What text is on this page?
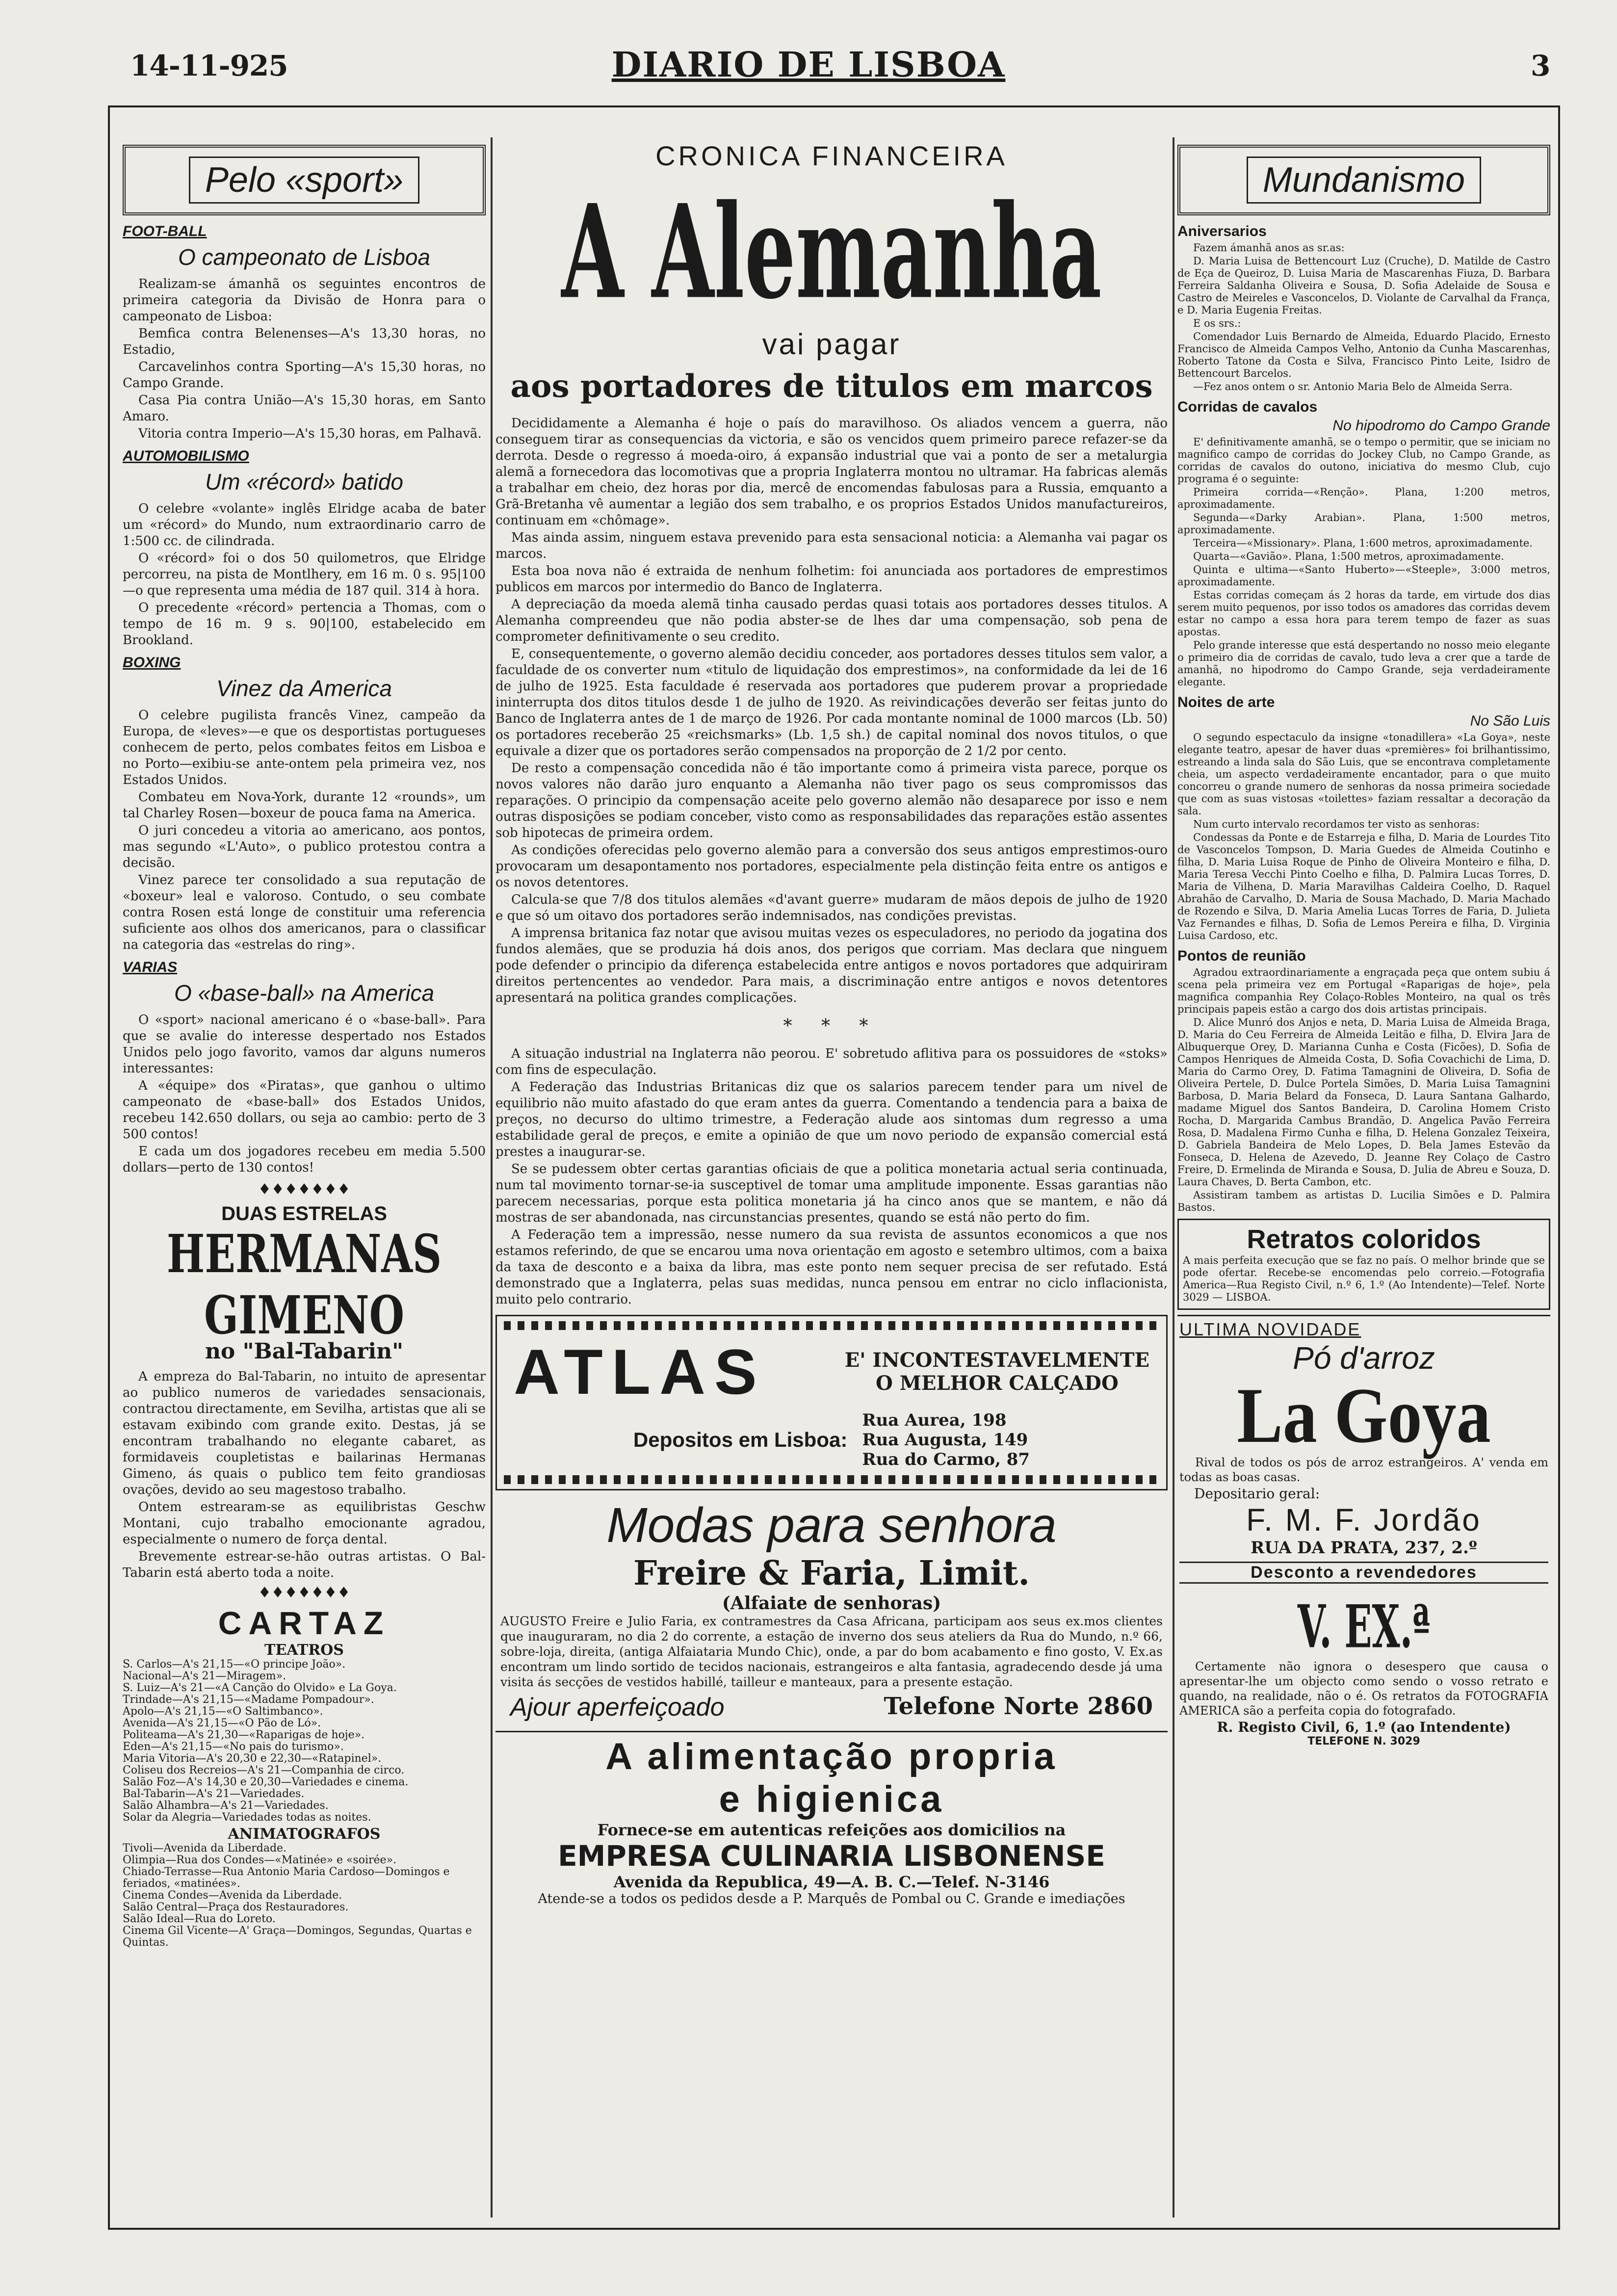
14-11-925	DIARIO DE LISBOA	3
Pelo «sport»
FOOT-BALL
O campeonato de Lisboa

Realizam-se ámanhã os seguintes encontros de primeira categoria da Divisão de Honra para o campeonato de Lisboa:

Bemfica contra Belenenses—A's 13,30 horas, no Estadio,

Carcavelinhos contra Sporting—A's 15,30 horas, no Campo Grande.

Casa Pia contra União—A's 15,30 horas, em Santo Amaro.

Vitoria contra Imperio—A's 15,30 horas, em Palhavã.

AUTOMOBILISMO
Um «récord» batido

O celebre «volante» inglês Elridge acaba de bater um «récord» do Mundo, num extraordinario carro de 1:500 cc. de cilindrada.

O «récord» foi o dos 50 quilometros, que Elridge percorreu, na pista de Montlhery, em 16 m. 0 s. 95|100—o que representa uma média de 187 quil. 314 à hora.

O precedente «récord» pertencia a Thomas, com o tempo de 16 m. 9 s. 90|100, estabelecido em Brookland.

BOXING
Vinez da America

O celebre pugilista francês Vinez, campeão da Europa, de «leves»—e que os desportistas portugueses conhecem de perto, pelos combates feitos em Lisboa e no Porto—exibiu-se ante-ontem pela primeira vez, nos Estados Unidos.

Combateu em Nova-York, durante 12 «rounds», um tal Charley Rosen—boxeur de pouca fama na America.

O juri concedeu a vitoria ao americano, aos pontos, mas segundo «L'Auto», o publico protestou contra a decisão.

Vinez parece ter consolidado a sua reputação de «boxeur» leal e valoroso. Contudo, o seu combate contra Rosen está longe de constituir uma referencia suficiente aos olhos dos americanos, para o classificar na categoria das «estrelas do ring».

VARIAS
O «base-ball» na America

O «sport» nacional americano é o «base-ball». Para que se avalie do interesse despertado nos Estados Unidos pelo jogo favorito, vamos dar alguns numeros interessantes:

A «équipe» dos «Piratas», que ganhou o ultimo campeonato de «base-ball» dos Estados Unidos, recebeu 142.650 dollars, ou seja ao cambio: perto de 3 500 contos!

E cada um dos jogadores recebeu em media 5.500 dollars—perto de 130 contos!

♦♦♦♦♦♦♦
DUAS ESTRELAS
HERMANAS GIMENO
no "Bal-Tabarin"

A empreza do Bal-Tabarin, no intuito de apresentar ao publico numeros de variedades sensacionais, contractou directamente, em Sevilha, artistas que ali se estavam exibindo com grande exito. Destas, já se encontram trabalhando no elegante cabaret, as formidaveis coupletistas e bailarinas Hermanas Gimeno, ás quais o publico tem feito grandiosas ovações, devido ao seu magestoso trabalho.

Ontem estrearam-se as equilibristas Geschw Montani, cujo trabalho emocionante agradou, especialmente o numero de força dental.

Brevemente estrear-se-hão outras artistas. O Bal-Tabarin está aberto toda a noite.

♦♦♦♦♦♦♦
CARTAZ
TEATROS
S. Carlos—A's 21,15—«O principe João».
Nacional—A's 21—Miragem».
S. Luiz—A's 21—«A Canção do Olvido» e La Goya.
Trindade—A's 21,15—«Madame Pompadour».
Apolo—A's 21,15—«O Saltimbanco».
Avenida—A's 21,15—«O Pão de Ló».
Politeama—A's 21,30—«Raparigas de hoje».
Eden—A's 21,15—«No pais do turismo».
Maria Vitoria—A's 20,30 e 22,30—«Ratapinel».
Coliseu dos Recreios—A's 21—Companhia de circo.
Salão Foz—A's 14,30 e 20,30—Variedades e cinema.
Bal-Tabarin—A's 21—Variedades.
Salão Alhambra—A's 21—Variedades.
Solar da Alegria—Variedades todas as noites.
ANIMATOGRAFOS
Tivoli—Avenida da Liberdade.
Olimpia—Rua dos Condes—«Matinée» e «soirée».
Chiado-Terrasse—Rua Antonio Maria Cardoso—Domingos e feriados, «matinées».
Cinema Condes—Avenida da Liberdade.
Salão Central—Praça dos Restauradores.
Salão Ideal—Rua do Loreto.
Cinema Gil Vicente—A' Graça—Domingos, Segundas, Quartas e Quintas.
CRONICA FINANCEIRA
A Alemanha
vai pagar
aos portadores de titulos em marcos

Decididamente a Alemanha é hoje o país do maravilhoso. Os aliados vencem a guerra, não conseguem tirar as consequencias da victoria, e são os vencidos quem primeiro parece refazer-se da derrota. Desde o regresso á moeda-oiro, á expansão industrial que vai a ponto de ser a metalurgia alemã a fornecedora das locomotivas que a propria Inglaterra montou no ultramar. Ha fabricas alemãs a trabalhar em cheio, dez horas por dia, mercê de encomendas fabulosas para a Russia, emquanto a Grã-Bretanha vê aumentar a legião dos sem trabalho, e os proprios Estados Unidos manufactureiros, continuam em «chômage».

Mas ainda assim, ninguem estava prevenido para esta sensacional noticia: a Alemanha vai pagar os marcos.

Esta boa nova não é extraida de nenhum folhetim: foi anunciada aos portadores de emprestimos publicos em marcos por intermedio do Banco de Inglaterra.

A depreciação da moeda alemã tinha causado perdas quasi totais aos portadores desses titulos. A Alemanha compreendeu que não podia abster-se de lhes dar uma compensação, sob pena de comprometer definitivamente o seu credito.

E, consequentemente, o governo alemão decidiu conceder, aos portadores desses titulos sem valor, a faculdade de os converter num «titulo de liquidação dos emprestimos», na conformidade da lei de 16 de julho de 1925. Esta faculdade é reservada aos portadores que puderem provar a propriedade ininterrupta dos ditos titulos desde 1 de julho de 1920. As reivindicações deverão ser feitas junto do Banco de Inglaterra antes de 1 de março de 1926. Por cada montante nominal de 1000 marcos (Lb. 50) os portadores receberão 25 «reichsmarks» (Lb. 1,5 sh.) de capital nominal dos novos titulos, o que equivale a dizer que os portadores serão compensados na proporção de 2 1/2 por cento.

De resto a compensação concedida não é tão importante como á primeira vista parece, porque os novos valores não darão juro enquanto a Alemanha não tiver pago os seus compromissos das reparações. O principio da compensação aceite pelo governo alemão não desaparece por isso e nem outras disposições se podiam conceber, visto como as responsabilidades das reparações estão assentes sob hipotecas de primeira ordem.

As condições oferecidas pelo governo alemão para a conversão dos seus antigos emprestimos-ouro provocaram um desapontamento nos portadores, especialmente pela distinção feita entre os antigos e os novos detentores.

Calcula-se que 7/8 dos titulos alemães «d'avant guerre» mudaram de mãos depois de julho de 1920 e que só um oitavo dos portadores serão indemnisados, nas condições previstas.

A imprensa britanica faz notar que avisou muitas vezes os especuladores, no periodo da jogatina dos fundos alemães, que se produzia há dois anos, dos perigos que corriam. Mas declara que ninguem pode defender o principio da diferença estabelecida entre antigos e novos portadores que adquiriram direitos pertencentes ao vendedor. Para mais, a discriminação entre antigos e novos detentores apresentará na politica grandes complicações.

* * *

A situação industrial na Inglaterra não peorou. E' sobretudo aflitiva para os possuidores de «stoks» com fins de especulação.

A Federação das Industrias Britanicas diz que os salarios parecem tender para um nivel de equilibrio não muito afastado do que eram antes da guerra. Comentando a tendencia para a baixa de preços, no decurso do ultimo trimestre, a Federação alude aos sintomas dum regresso a uma estabilidade geral de preços, e emite a opinião de que um novo periodo de expansão comercial está prestes a inaugurar-se.

Se se pudessem obter certas garantias oficiais de que a politica monetaria actual seria continuada, num tal movimento tornar-se-ia susceptivel de tomar uma amplitude imponente. Essas garantias não parecem necessarias, porque esta politica monetaria já ha cinco anos que se mantem, e não dá mostras de ser abandonada, nas circunstancias presentes, quando se está não perto do fim.

A Federação tem a impressão, nesse numero da sua revista de assuntos economicos a que nos estamos referindo, de que se encarou uma nova orientação em agosto e setembro ultimos, com a baixa da taxa de desconto e a baixa da libra, mas este ponto nem sequer precisa de ser refutado. Está demonstrado que a Inglaterra, pelas suas medidas, nunca pensou em entrar no ciclo inflacionista, muito pelo contrario.

ATLAS	E' INCONTESTAVELMENTE
O MELHOR CALÇADO
Depositos em Lisboa:
Rua Aurea, 198
Rua Augusta, 149
Rua do Carmo, 87
Modas para senhora
Freire & Faria, Limit.
(Alfaiate de senhoras)

AUGUSTO Freire e Julio Faria, ex contramestres da Casa Africana, participam aos seus ex.mos clientes que inauguraram, no dia 2 do corrente, a estação de inverno dos seus ateliers da Rua do Mundo, n.º 66, sobre-loja, direita, (antiga Alfaiataria Mundo Chic), onde, a par do bom acabamento e fino gosto, V. Ex.as encontram um lindo sortido de tecidos nacionais, estrangeiros e alta fantasia, agradecendo desde já uma visita ás secções de vestidos habillé, tailleur e manteaux, para a presente estação.

Ajour aperfeiçoado	Telefone Norte 2860
A alimentação propria
e higienica
Fornece-se em autenticas refeições aos domicilios na
EMPRESA CULINARIA LISBONENSE
Avenida da Republica, 49—A. B. C.—Telef. N-3146
Atende-se a todos os pedidos desde a P. Marquês de Pombal ou C. Grande e imediações
Mundanismo
Aniversarios

Fazem ámanhã anos as sr.as:

D. Maria Luisa de Bettencourt Luz (Cruche), D. Matilde de Castro de Eça de Queiroz, D. Luisa Maria de Mascarenhas Fiuza, D. Barbara Ferreira Saldanha Oliveira e Sousa, D. Sofia Adelaide de Sousa e Castro de Meireles e Vasconcelos, D. Violante de Carvalhal da França, e D. Maria Eugenia Freitas.

E os srs.:

Comendador Luis Bernardo de Almeida, Eduardo Placido, Ernesto Francisco de Almeida Campos Velho, Antonio da Cunha Mascarenhas, Roberto Tatone da Costa e Silva, Francisco Pinto Leite, Isidro de Bettencourt Barcelos.

—Fez anos ontem o sr. Antonio Maria Belo de Almeida Serra.

Corridas de cavalos
No hipodromo do Campo Grande

E' definitivamente amanhã, se o tempo o permitir, que se iniciam no magnifico campo de corridas do Jockey Club, no Campo Grande, as corridas de cavalos do outono, iniciativa do mesmo Club, cujo programa é o seguinte:

Primeira corrida—«Renção». Plana, 1:200 metros, aproximadamente.

Segunda—«Darky Arabian». Plana, 1:500 metros, aproximadamente.

Terceira—«Missionary». Plana, 1:600 metros, aproximadamente.

Quarta—«Gavião». Plana, 1:500 metros, aproximadamente.

Quinta e ultima—«Santo Huberto»—«Steeple», 3:000 metros, aproximadamente.

Estas corridas começam ás 2 horas da tarde, em virtude dos dias serem muito pequenos, por isso todos os amadores das corridas devem estar no campo a essa hora para terem tempo de fazer as suas apostas.

Pelo grande interesse que está despertando no nosso meio elegante o primeiro dia de corridas de cavalo, tudo leva a crer que a tarde de amanhã, no hipodromo do Campo Grande, seja verdadeiramente elegante.

Noites de arte
No São Luis

O segundo espectaculo da insigne «tonadillera» «La Goya», neste elegante teatro, apesar de haver duas «premières» foi brilhantissimo, estreando a linda sala do São Luis, que se encontrava completamente cheia, um aspecto verdadeiramente encantador, para o que muito concorreu o grande numero de senhoras da nossa primeira sociedade que com as suas vistosas «toilettes» faziam ressaltar a decoração da sala.

Num curto intervalo recordamos ter visto as senhoras:

Condessas da Ponte e de Estarreja e filha, D. Maria de Lourdes Tito de Vasconcelos Tompson, D. Maria Guedes de Almeida Coutinho e filha, D. Maria Luisa Roque de Pinho de Oliveira Monteiro e filha, D. Maria Teresa Vecchi Pinto Coelho e filha, D. Palmira Lucas Torres, D. Maria de Vilhena, D. Maria Maravilhas Caldeira Coelho, D. Raquel Abrahão de Carvalho, D. Maria de Sousa Machado, D. Maria Machado de Rozendo e Silva, D. Maria Amelia Lucas Torres de Faria, D. Julieta Vaz Fernandes e filhas, D. Sofia de Lemos Pereira e filha, D. Virginia Luisa Cardoso, etc.

Pontos de reunião

Agradou extraordinariamente a engraçada peça que ontem subiu á scena pela primeira vez em Portugal «Raparigas de hoje», pela magnifica companhia Rey Colaço-Robles Monteiro, na qual os três principais papeis estão a cargo dos dois artistas principais.

D. Alice Munró dos Anjos e neta, D. Maria Luisa de Almeida Braga, D. Maria do Ceu Ferreira de Almeida Leitão e filha, D. Elvira Jara de Albuquerque Orey, D. Marianna Cunha e Costa (Ficões), D. Sofia de Campos Henriques de Almeida Costa, D. Sofia Covachichi de Lima, D. Maria do Carmo Orey, D. Fatima Tamagnini de Oliveira, D. Sofia de Oliveira Pertele, D. Dulce Portela Simões, D. Maria Luisa Tamagnini Barbosa, D. Maria Belard da Fonseca, D. Laura Santana Galhardo, madame Miguel dos Santos Bandeira, D. Carolina Homem Cristo Rocha, D. Margarida Cambus Brandão, D. Angelica Pavão Ferreira Rosa, D. Madalena Firmo Cunha e filha, D. Helena Gonzalez Teixeira, D. Gabriela Bandeira de Melo Lopes, D. Bela James Estevão da Fonseca, D. Helena de Azevedo, D. Jeanne Rey Colaço de Castro Freire, D. Ermelinda de Miranda e Sousa, D. Julia de Abreu e Souza, D. Laura Chaves, D. Berta Cambon, etc.

Assistiram tambem as artistas D. Lucilia Simões e D. Palmira Bastos.

Retratos coloridos

A mais perfeita execução que se faz no país. O melhor brinde que se pode ofertar. Recebe-se encomendas pelo correio.—Fotografia America—Rua Registo Civil, n.º 6, 1.º (Ao Intendente)—Telef. Norte 3029 — LISBOA.

ULTIMA NOVIDADE
Pó d'arroz
La Goya

Rival de todos os pós de arroz estrangeiros. A' venda em todas as boas casas.

Depositario geral:
F. M. F. Jordão
RUA DA PRATA, 237, 2.º
Desconto a revendedores
V. EX.ª

Certamente não ignora o desespero que causa o apresentar-lhe um objecto como sendo o vosso retrato e quando, na realidade, não o é. Os retratos da FOTOGRAFIA AMERICA são a perfeita copia do fotografado.

R. Registo Civil, 6, 1.º (ao Intendente)
TELEFONE N. 3029
